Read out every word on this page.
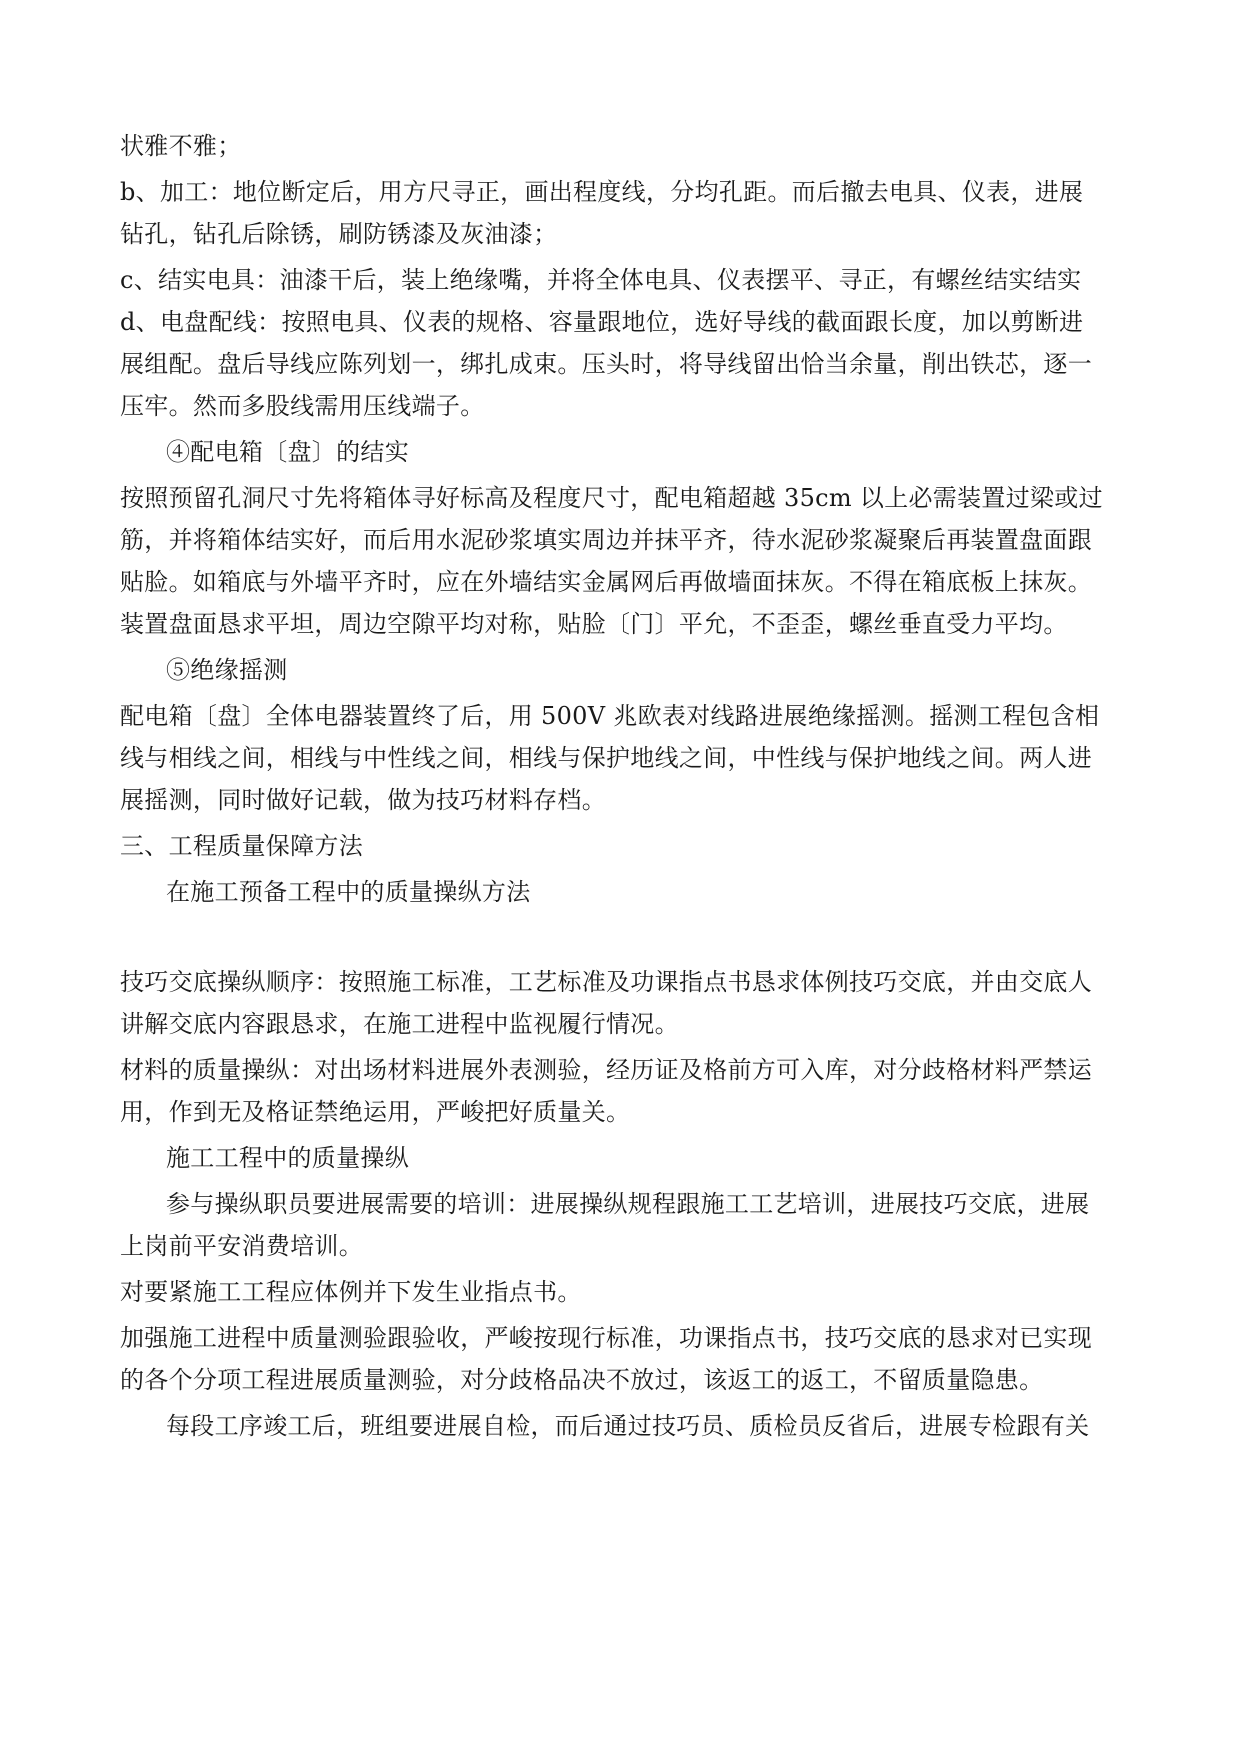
状雅不雅；

b、加工：地位断定后，用方尺寻正，画出程度线，分均孔距。而后撤去电具、仪表，进展
钻孔，钻孔后除锈，刷防锈漆及灰油漆；

c、结实电具：油漆干后，装上绝缘嘴，并将全体电具、仪表摆平、寻正，有螺丝结实结实

d、电盘配线：按照电具、仪表的规格、容量跟地位，选好导线的截面跟长度，加以剪断进
展组配。盘后导线应陈列划一，绑扎成束。压头时，将导线留出恰当余量，削出铁芯，逐一
压牢。然而多股线需用压线端子。

④配电箱〔盘〕的结实

按照预留孔洞尺寸先将箱体寻好标高及程度尺寸，配电箱超越 35cm 以上必需装置过梁或过
筋，并将箱体结实好，而后用水泥砂浆填实周边并抹平齐，待水泥砂浆凝聚后再装置盘面跟
贴脸。如箱底与外墙平齐时，应在外墙结实金属网后再做墙面抹灰。不得在箱底板上抹灰。
装置盘面恳求平坦，周边空隙平均对称，贴脸〔门〕平允，不歪歪，螺丝垂直受力平均。

⑤绝缘摇测

配电箱〔盘〕全体电器装置终了后，用 500V 兆欧表对线路进展绝缘摇测。摇测工程包含相
线与相线之间，相线与中性线之间，相线与保护地线之间，中性线与保护地线之间。两人进
展摇测，同时做好记载，做为技巧材料存档。

三、工程质量保障方法

在施工预备工程中的质量操纵方法

技巧交底操纵顺序：按照施工标准，工艺标准及功课指点书恳求体例技巧交底，并由交底人
讲解交底内容跟恳求，在施工进程中监视履行情况。

材料的质量操纵：对出场材料进展外表测验，经历证及格前方可入库，对分歧格材料严禁运
用，作到无及格证禁绝运用，严峻把好质量关。

施工工程中的质量操纵

参与操纵职员要进展需要的培训：进展操纵规程跟施工工艺培训，进展技巧交底，进展
上岗前平安消费培训。

对要紧施工工程应体例并下发生业指点书。

加强施工进程中质量测验跟验收，严峻按现行标准，功课指点书，技巧交底的恳求对已实现
的各个分项工程进展质量测验，对分歧格品决不放过，该返工的返工，不留质量隐患。

每段工序竣工后，班组要进展自检，而后通过技巧员、质检员反省后，进展专检跟有关
